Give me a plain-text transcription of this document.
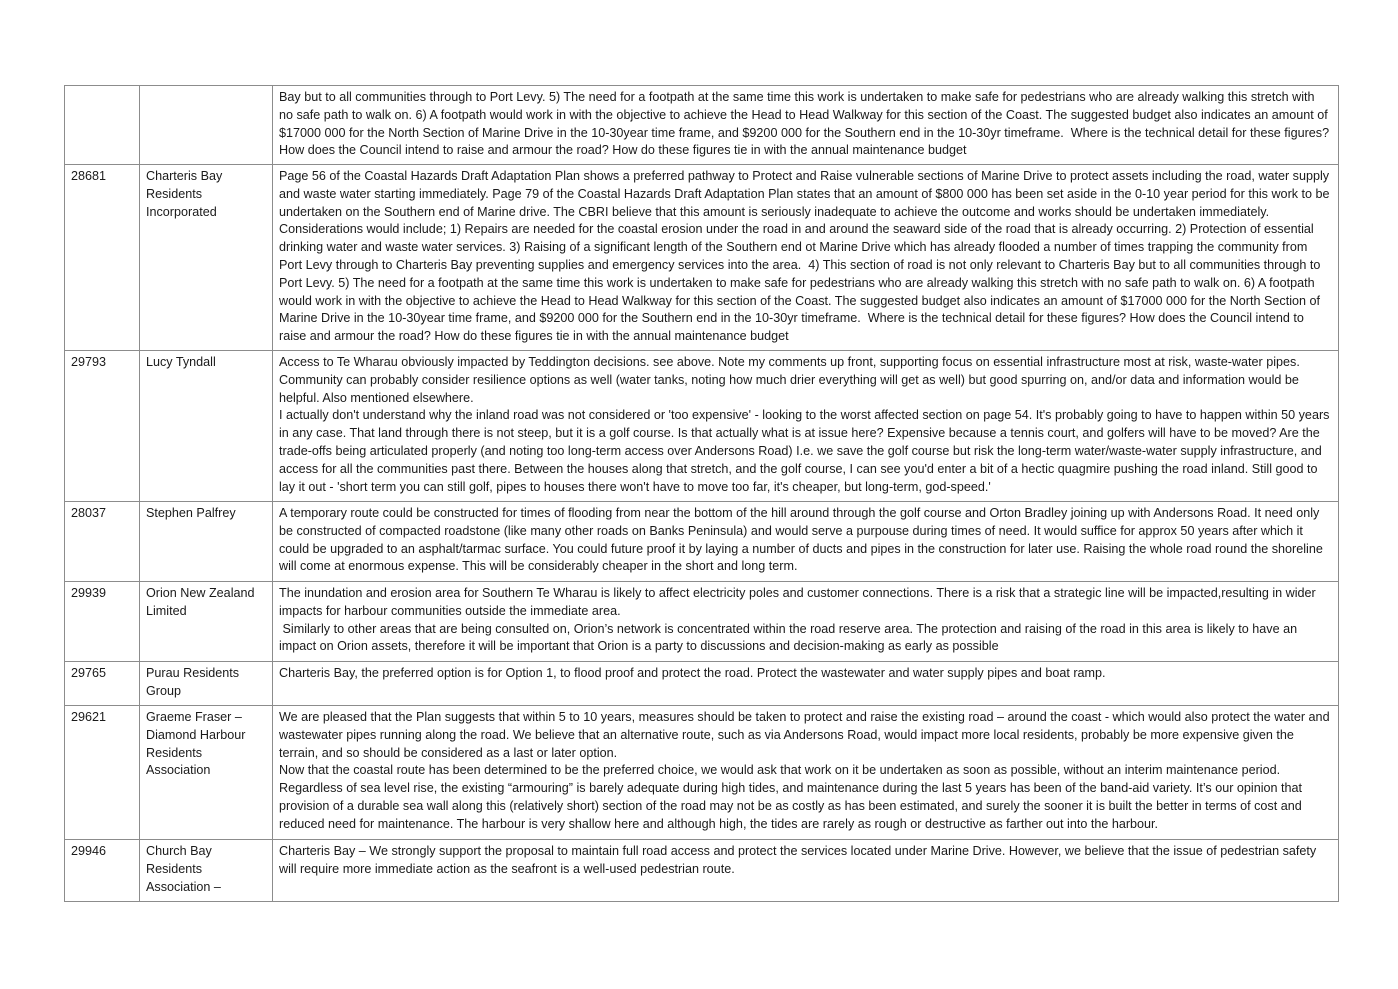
		Bay but to all communities through to Port Levy. 5) The need for a footpath at the same time this work is undertaken to make safe for pedestrians who are already walking this stretch with no safe path to walk on. 6) A footpath would work in with the objective to achieve the Head to Head Walkway for this section of the Coast. The suggested budget also indicates an amount of $17000 000 for the North Section of Marine Drive in the 10-30year time frame, and $9200 000 for the Southern end in the 10-30yr timeframe.  Where is the technical detail for these figures? How does the Council intend to raise and armour the road? How do these figures tie in with the annual maintenance budget

28681	Charteris Bay Residents Incorporated	Page 56 of the Coastal Hazards Draft Adaptation Plan shows a preferred pathway to Protect and Raise vulnerable sections of Marine Drive to protect assets including the road, water supply and waste water starting immediately. Page 79 of the Coastal Hazards Draft Adaptation Plan states that an amount of $800 000 has been set aside in the 0-10 year period for this work to be undertaken on the Southern end of Marine drive. The CBRI believe that this amount is seriously inadequate to achieve the outcome and works should be undertaken immediately.  Considerations would include; 1) Repairs are needed for the coastal erosion under the road in and around the seaward side of the road that is already occurring. 2) Protection of essential drinking water and waste water services. 3) Raising of a significant length of the Southern end ot Marine Drive which has already flooded a number of times trapping the community from Port Levy through to Charteris Bay preventing supplies and emergency services into the area.  4) This section of road is not only relevant to Charteris Bay but to all communities through to Port Levy. 5) The need for a footpath at the same time this work is undertaken to make safe for pedestrians who are already walking this stretch with no safe path to walk on. 6) A footpath would work in with the objective to achieve the Head to Head Walkway for this section of the Coast. The suggested budget also indicates an amount of $17000 000 for the North Section of Marine Drive in the 10-30year time frame, and $9200 000 for the Southern end in the 10-30yr timeframe.  Where is the technical detail for these figures? How does the Council intend to raise and armour the road? How do these figures tie in with the annual maintenance budget

29793	Lucy Tyndall	Access to Te Wharau obviously impacted by Teddington decisions. see above. Note my comments up front, supporting focus on essential infrastructure most at risk, waste-water pipes. Community can probably consider resilience options as well (water tanks, noting how much drier everything will get as well) but good spurring on, and/or data and information would be helpful. Also mentioned elsewhere.

I actually don't understand why the inland road was not considered or 'too expensive' - looking to the worst affected section on page 54. It's probably going to have to happen within 50 years in any case. That land through there is not steep, but it is a golf course. Is that actually what is at issue here? Expensive because a tennis court, and golfers will have to be moved? Are the trade-offs being articulated properly (and noting too long-term access over Andersons Road) I.e. we save the golf course but risk the long-term water/waste-water supply infrastructure, and access for all the communities past there. Between the houses along that stretch, and the golf course, I can see you'd enter a bit of a hectic quagmire pushing the road inland. Still good to lay it out - 'short term you can still golf, pipes to houses there won't have to move too far, it's cheaper, but long-term, god-speed.'

28037	Stephen Palfrey	A temporary route could be constructed for times of flooding from near the bottom of the hill around through the golf course and Orton Bradley joining up with Andersons Road. It need only be constructed of compacted roadstone (like many other roads on Banks Peninsula) and would serve a purpouse during times of need. It would suffice for approx 50 years after which it could be upgraded to an asphalt/tarmac surface. You could future proof it by laying a number of ducts and pipes in the construction for later use. Raising the whole road round the shoreline will come at enormous expense. This will be considerably cheaper in the short and long term.

29939	Orion New Zealand Limited	The inundation and erosion area for Southern Te Wharau is likely to affect electricity poles and customer connections. There is a risk that a strategic line will be impacted,resulting in wider impacts for harbour communities outside the immediate area.

Similarly to other areas that are being consulted on, Orion’s network is concentrated within the road reserve area. The protection and raising of the road in this area is likely to have an impact on Orion assets, therefore it will be important that Orion is a party to discussions and decision-making as early as possible

29765	Purau Residents Group	Charteris Bay, the preferred option is for Option 1, to flood proof and protect the road. Protect the wastewater and water supply pipes and boat ramp.

29621	Graeme Fraser – Diamond Harbour Residents Association	We are pleased that the Plan suggests that within 5 to 10 years, measures should be taken to protect and raise the existing road – around the coast - which would also protect the water and wastewater pipes running along the road. We believe that an alternative route, such as via Andersons Road, would impact more local residents, probably be more expensive given the terrain, and so should be considered as a last or later option.

Now that the coastal route has been determined to be the preferred choice, we would ask that work on it be undertaken as soon as possible, without an interim maintenance period. Regardless of sea level rise, the existing “armouring” is barely adequate during high tides, and maintenance during the last 5 years has been of the band-aid variety. It’s our opinion that provision of a durable sea wall along this (relatively short) section of the road may not be as costly as has been estimated, and surely the sooner it is built the better in terms of cost and reduced need for maintenance. The harbour is very shallow here and although high, the tides are rarely as rough or destructive as farther out into the harbour.

29946	Church Bay Residents Association –	Charteris Bay – We strongly support the proposal to maintain full road access and protect the services located under Marine Drive. However, we believe that the issue of pedestrian safety will require more immediate action as the seafront is a well-used pedestrian route.
